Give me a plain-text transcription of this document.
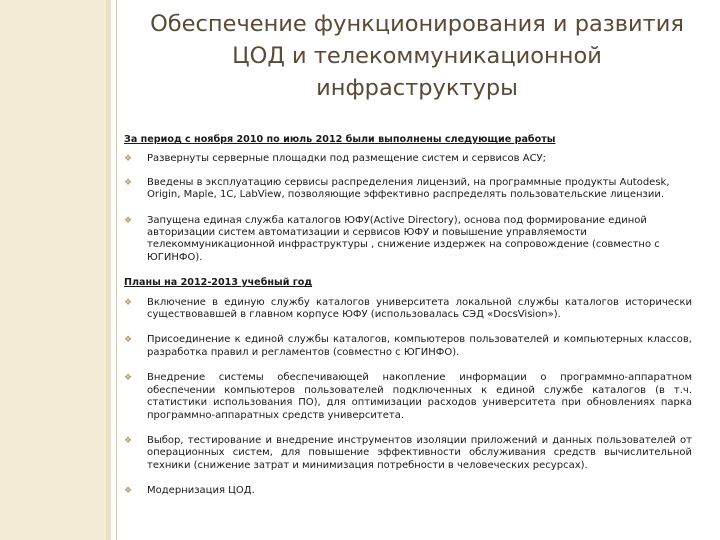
Обеспечение функционирования и развития
ЦОД и телекоммуникационной
инфраструктуры
За период с ноября 2010 по июль 2012 были выполнены следующие работы
❖ Развернуты серверные площадки под размещение систем и сервисов АСУ;
❖ Введены в эксплуатацию сервисы распределения лицензий, на программные продукты Autodesk, Origin, Maple, 1С, LabView, позволяющие эффективно распределять пользовательские лицензии.
❖ Запущена единая служба каталогов ЮФУ(Active Directory), основа под формирование единой авторизации систем автоматизации и сервисов ЮФУ и повышение управляемости телекоммуникационной инфраструктуры , снижение издержек на сопровождение (совместно с ЮГИНФО).
Планы на 2012-2013 учебный год
❖ Включение в единую службу каталогов университета локальной службы каталогов исторически существовавшей в главном корпусе ЮФУ (использовалась СЭД «DocsVision»).
❖ Присоединение к единой службы каталогов, компьютеров пользователей и компьютерных классов, разработка правил и регламентов (совместно с ЮГИНФО).
❖ Внедрение системы обеспечивающей накопление информации о программно-аппаратном обеспечении компьютеров пользователей подключенных к единой службе каталогов (в т.ч. статистики использования ПО), для оптимизации расходов университета при обновлениях парка программно-аппаратных средств университета.
❖ Выбор, тестирование и внедрение инструментов изоляции приложений и данных пользователей от операционных систем, для повышение эффективности обслуживания средств вычислительной техники (снижение затрат и минимизация потребности в человеческих ресурсах).
❖ Модернизация ЦОД.
